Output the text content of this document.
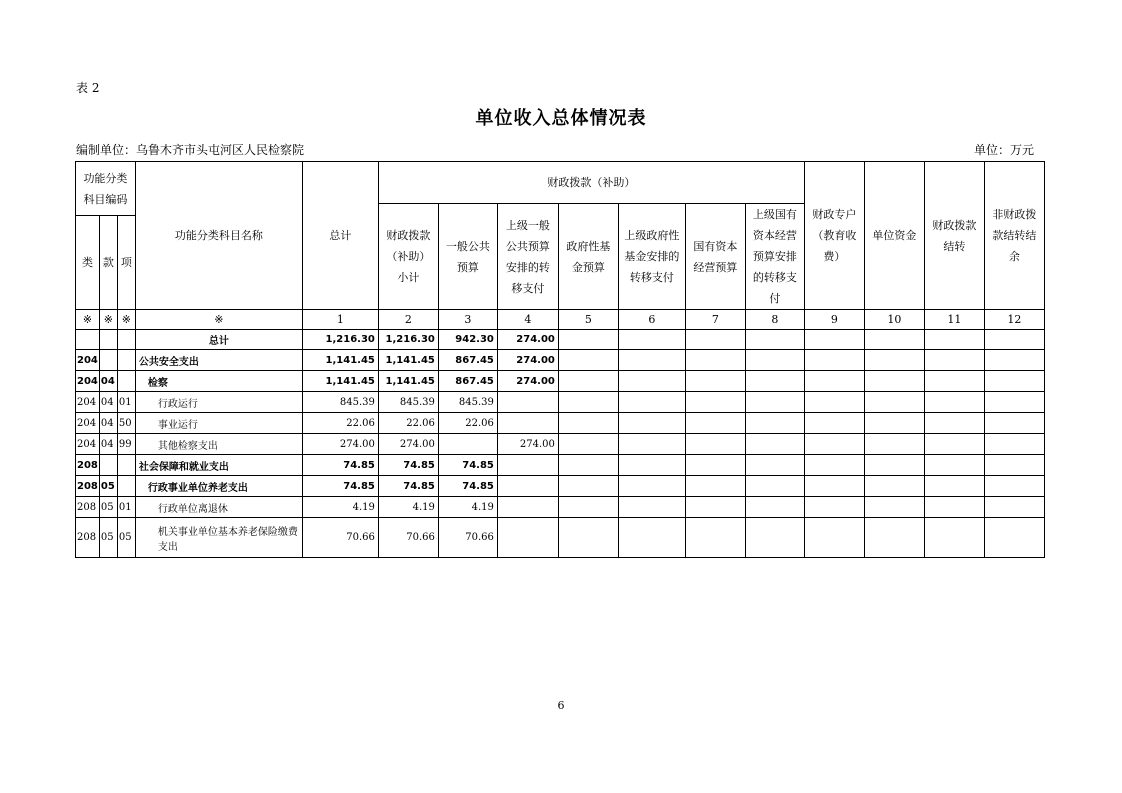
表 2
单位收入总体情况表
编制单位：乌鲁木齐市头屯河区人民检察院	单位：万元
功能分类科目编码			功能分类科目名称	总计	财政拨款（补助）							财政专户（教育收费）	单位资金	财政拨款结转	非财政拨款结转结余
					财政拨款（补助）小计	一般公共预算	上级一般公共预算安排的转移支付	政府性基金预算	上级政府性基金安排的转移支付	国有资本经营预算	上级国有资本经营预算安排的转移支付				
类	款	项													
※	※	※	※	1	2	3	4	5	6	7	8	9	10	11	12
			总计	1,216.30	1,216.30	942.30	274.00								
204			公共安全支出	1,141.45	1,141.45	867.45	274.00								
204	04		检察	1,141.45	1,141.45	867.45	274.00								
204	04	01	行政运行	845.39	845.39	845.39									
204	04	50	事业运行	22.06	22.06	22.06									
204	04	99	其他检察支出	274.00	274.00		274.00								
208			社会保障和就业支出	74.85	74.85	74.85									
208	05		行政事业单位养老支出	74.85	74.85	74.85									
208	05	01	行政单位离退休	4.19	4.19	4.19									
208	05	05	机关事业单位基本养老保险缴费支出	70.66	70.66	70.66									
6
